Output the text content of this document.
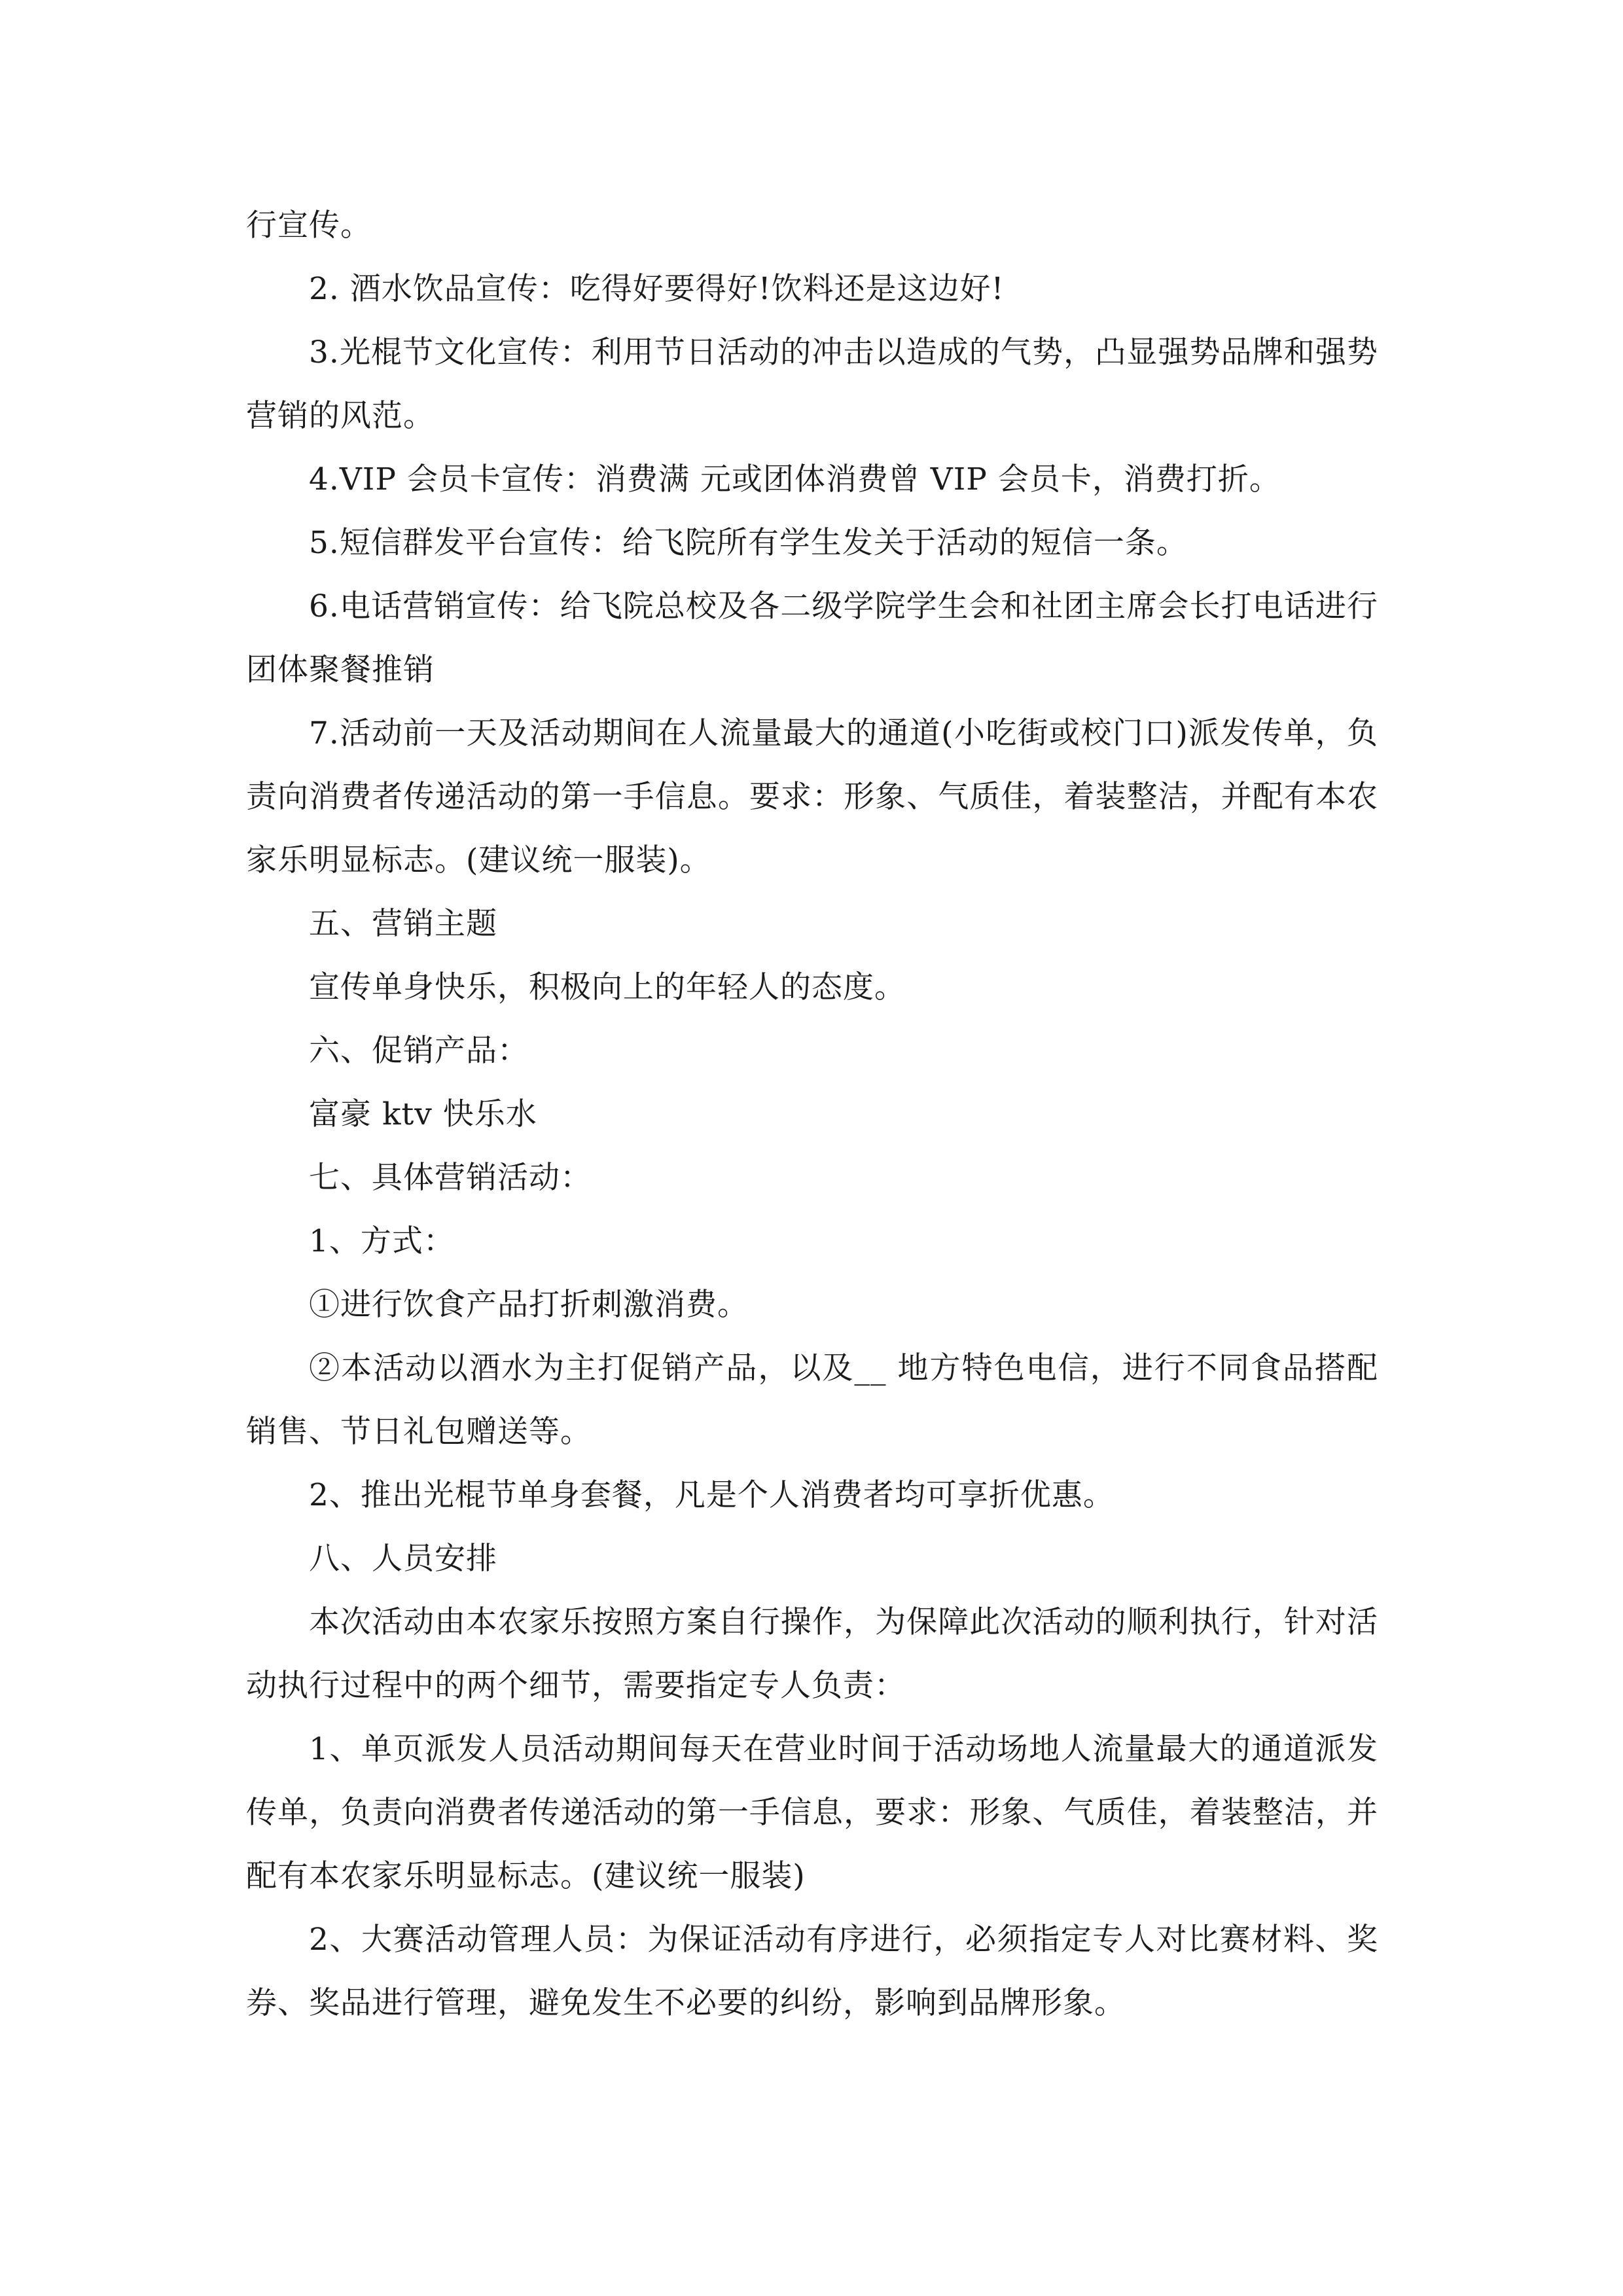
行宣传。

2. 酒水饮品宣传：吃得好要得好!饮料还是这边好!

3.光棍节文化宣传：利用节日活动的冲击以造成的气势，凸显强势品牌和强势营销的风范。

4.VIP 会员卡宣传：消费满 元或团体消费曾 VIP 会员卡，消费打折。

5.短信群发平台宣传：给飞院所有学生发关于活动的短信一条。

6.电话营销宣传：给飞院总校及各二级学院学生会和社团主席会长打电话进行团体聚餐推销

7.活动前一天及活动期间在人流量最大的通道(小吃街或校门口)派发传单，负责向消费者传递活动的第一手信息。要求：形象、气质佳，着装整洁，并配有本农家乐明显标志。(建议统一服装)。

五、营销主题

宣传单身快乐，积极向上的年轻人的态度。

六、促销产品：

富豪 ktv 快乐水

七、具体营销活动：

1、方式：

①进行饮食产品打折刺激消费。

②本活动以酒水为主打促销产品，以及__ 地方特色电信，进行不同食品搭配销售、节日礼包赠送等。

2、推出光棍节单身套餐，凡是个人消费者均可享折优惠。

八、人员安排

本次活动由本农家乐按照方案自行操作，为保障此次活动的顺利执行，针对活动执行过程中的两个细节，需要指定专人负责：

1、单页派发人员活动期间每天在营业时间于活动场地人流量最大的通道派发传单，负责向消费者传递活动的第一手信息，要求：形象、气质佳，着装整洁，并配有本农家乐明显标志。(建议统一服装)

2、大赛活动管理人员：为保证活动有序进行，必须指定专人对比赛材料、奖券、奖品进行管理，避免发生不必要的纠纷，影响到品牌形象。
